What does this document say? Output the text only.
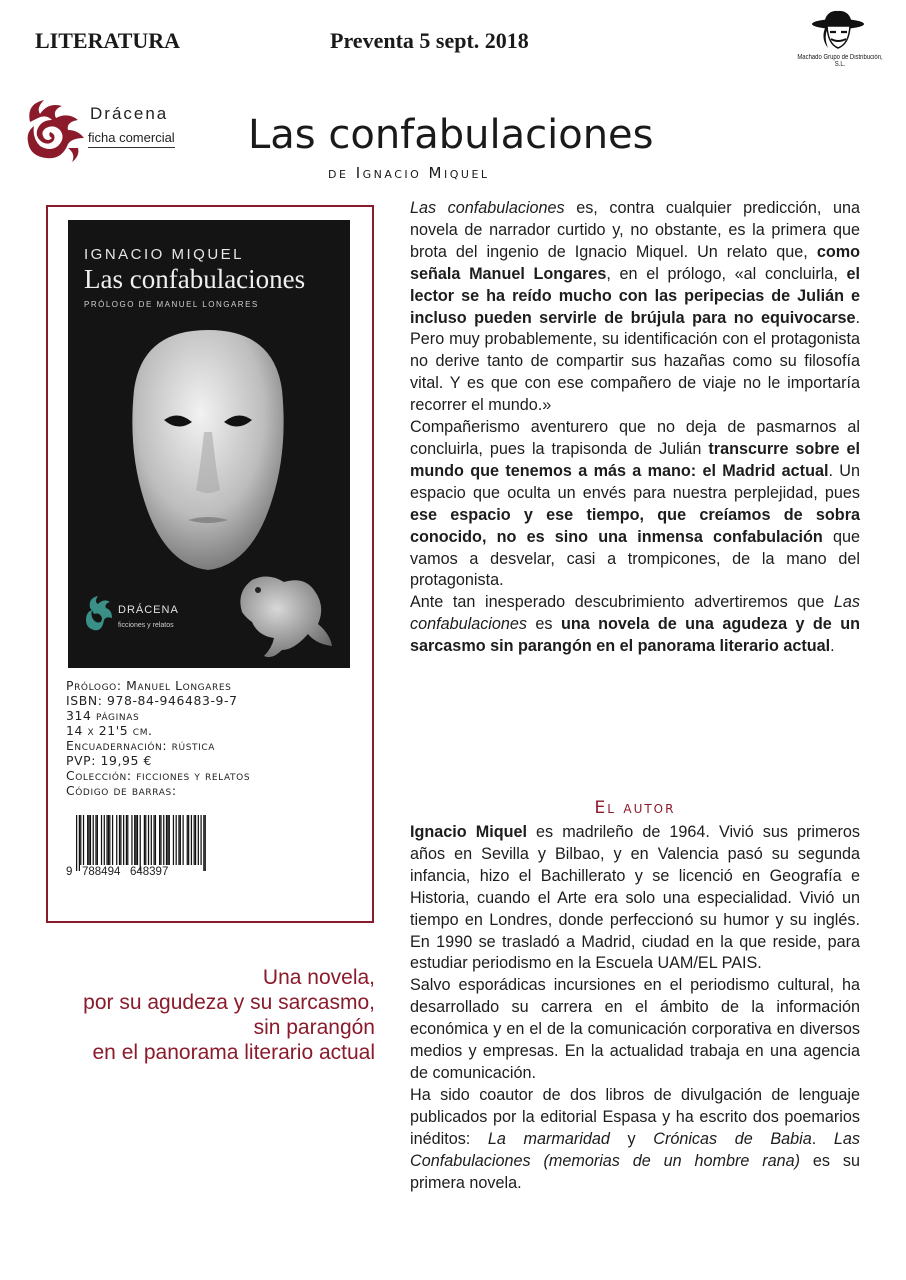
LITERATURA	Preventa 5 sept. 2018
Machado Grupo de Distribución, S.L.
Drácena
ficha comercial Las confabulaciones
de Ignacio Miquel
IGNACIO MIQUEL
Las confabulaciones
PRÓLOGO DE MANUEL LONGARES
DRÁCENA
ficciones y relatos
Prólogo: Manuel Longares
ISBN: 978-84-946483-9-7
314 páginas
14 x 21'5 cm.
Encuadernación: rústica
PVP: 19,95 €
Colección: ficciones y relatos
Código de barras:
9 788494 648397
Una novela,
por su agudeza y su sarcasmo,
sin parangón
en el panorama literario actual
Las confabulaciones es, contra cualquier predicción, una novela de narrador curtido y, no obstante, es la primera que brota del ingenio de Ignacio Miquel. Un relato que, como señala Manuel Longares, en el prólogo, «al concluirla, el lector se ha reído mucho con las peripecias de Julián e incluso pueden servirle de brújula para no equivocarse. Pero muy probablemente, su identificación con el protagonista no derive tanto de compartir sus hazañas como su filosofía vital. Y es que con ese compañero de viaje no le importaría recorrer el mundo.»
Compañerismo aventurero que no deja de pasmarnos al concluirla, pues la trapisonda de Julián transcurre sobre el mundo que tenemos a más a mano: el Madrid actual. Un espacio que oculta un envés para nuestra perplejidad, pues ese espacio y ese tiempo, que creíamos de sobra conocido, no es sino una inmensa confabulación que vamos a desvelar, casi a trompicones, de la mano del protagonista.
Ante tan inesperado descubrimiento advertiremos que Las confabulaciones es una novela de una agudeza y de un sarcasmo sin parangón en el panorama literario actual.
El autor
Ignacio Miquel es madrileño de 1964. Vivió sus primeros años en Sevilla y Bilbao, y en Valencia pasó su segunda infancia, hizo el Bachillerato y se licenció en Geografía e Historia, cuando el Arte era solo una especialidad. Vivió un tiempo en Londres, donde perfeccionó su humor y su inglés. En 1990 se trasladó a Madrid, ciudad en la que reside, para estudiar periodismo en la Escuela UAM/EL PAIS.
Salvo esporádicas incursiones en el periodismo cultural, ha desarrollado su carrera en el ámbito de la información económica y en el de la comunicación corporativa en diversos medios y empresas. En la actualidad trabaja en una agencia de comunicación.
Ha sido coautor de dos libros de divulgación de lenguaje publicados por la editorial Espasa y ha escrito dos poemarios inéditos: La marmaridad y Crónicas de Babia. Las Confabulaciones (memorias de un hombre rana) es su primera novela.
